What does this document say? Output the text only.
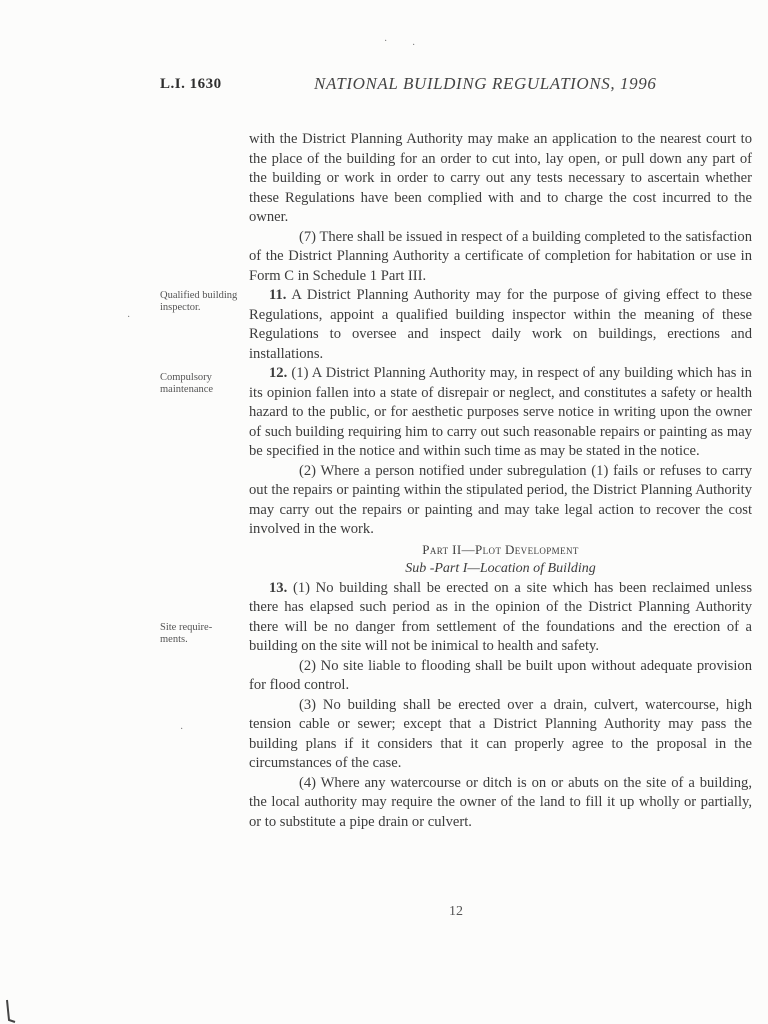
L.I. 1630	NATIONAL BUILDING REGULATIONS, 1996
Qualified building inspector.
Compulsory maintenance
Site require- ments.

with the District Planning Authority may make an application to the nearest court to the place of the building for an order to cut into, lay open, or pull down any part of the building or work in order to carry out any tests necessary to ascertain whether these Regulations have been complied with and to charge the cost incurred to the owner.

(7) There shall be issued in respect of a building completed to the satisfaction of the District Planning Authority a certificate of completion for habitation or use in Form C in Schedule 1 Part III.

11. A District Planning Authority may for the purpose of giving effect to these Regulations, appoint a qualified building inspector within the meaning of these Regulations to oversee and inspect daily work on buildings, erections and installations.

12. (1) A District Planning Authority may, in respect of any building which has in its opinion fallen into a state of disrepair or neglect, and constitutes a safety or health hazard to the public, or for aesthetic purposes serve notice in writing upon the owner of such building requiring him to carry out such reasonable repairs or painting as may be specified in the notice and within such time as may be stated in the notice.

(2) Where a person notified under subregulation (1) fails or refuses to carry out the repairs or painting within the stipulated period, the District Planning Authority may carry out the repairs or painting and may take legal action to recover the cost involved in the work.

Part II—Plot Development

Sub -Part I—Location of Building

13. (1) No building shall be erected on a site which has been reclaimed unless there has elapsed such period as in the opinion of the District Planning Authority there will be no danger from settlement of the foundations and the erection of a building on the site will not be inimical to health and safety.

(2) No site liable to flooding shall be built upon without adequate provision for flood control.

(3) No building shall be erected over a drain, culvert, watercourse, high tension cable or sewer; except that a District Planning Authority may pass the building plans if it considers that it can properly agree to the proposal in the circumstances of the case.

(4) Where any watercourse or ditch is on or abuts on the site of a building, the local authority may require the owner of the land to fill it up wholly or partially, or to substitute a pipe drain or culvert.

12
· ·
·
·
